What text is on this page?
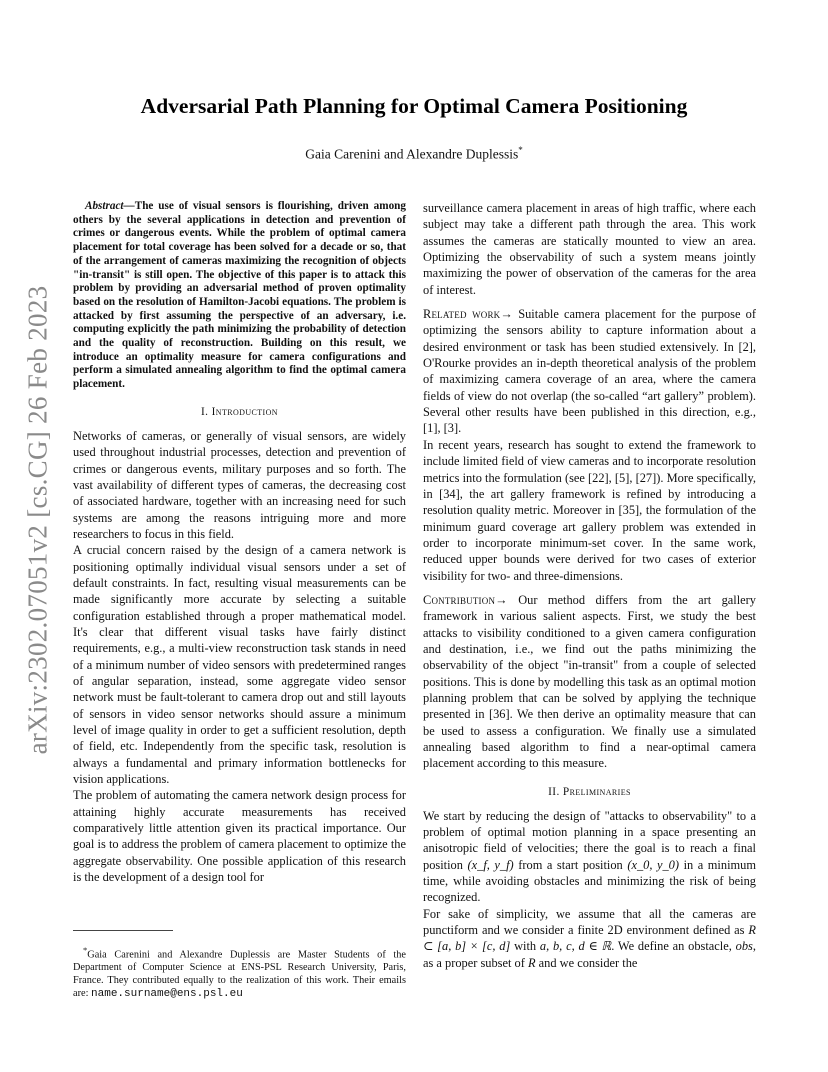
arXiv:2302.07051v2 [cs.CG] 26 Feb 2023
Adversarial Path Planning for Optimal Camera Positioning
Gaia Carenini and Alexandre Duplessis*

Abstract—The use of visual sensors is flourishing, driven among others by the several applications in detection and prevention of crimes or dangerous events. While the problem of optimal camera placement for total coverage has been solved for a decade or so, that of the arrangement of cameras maximizing the recognition of objects "in-transit" is still open. The objective of this paper is to attack this problem by providing an adversarial method of proven optimality based on the resolution of Hamilton-Jacobi equations. The problem is attacked by first assuming the perspective of an adversary, i.e. computing explicitly the path minimizing the probability of detection and the quality of reconstruction. Building on this result, we introduce an optimality measure for camera configurations and perform a simulated annealing algorithm to find the optimal camera placement.

I. Introduction

Networks of cameras, or generally of visual sensors, are widely used throughout industrial processes, detection and prevention of crimes or dangerous events, military purposes and so forth. The vast availability of different types of cameras, the decreasing cost of associated hardware, together with an increasing need for such systems are among the reasons intriguing more and more researchers to focus in this field.

A crucial concern raised by the design of a camera network is positioning optimally individual visual sensors under a set of default constraints. In fact, resulting visual measurements can be made significantly more accurate by selecting a suitable configuration established through a proper mathematical model. It's clear that different visual tasks have fairly distinct requirements, e.g., a multi-view reconstruction task stands in need of a minimum number of video sensors with predetermined ranges of angular separation, instead, some aggregate video sensor network must be fault-tolerant to camera drop out and still layouts of sensors in video sensor networks should assure a minimum level of image quality in order to get a sufficient resolution, depth of field, etc. Independently from the specific task, resolution is always a fundamental and primary information bottlenecks for vision applications.

The problem of automating the camera network design process for attaining highly accurate measurements has received comparatively little attention given its practical importance. Our goal is to address the problem of camera placement to optimize the aggregate observability. One possible application of this research is the development of a design tool for

*Gaia Carenini and Alexandre Duplessis are Master Students of the Department of Computer Science at ENS-PSL Research University, Paris, France. They contributed equally to the realization of this work. Their emails are: name.surname@ens.psl.eu

surveillance camera placement in areas of high traffic, where each subject may take a different path through the area. This work assumes the cameras are statically mounted to view an area. Optimizing the observability of such a system means jointly maximizing the power of observation of the cameras for the area of interest.

Related work→ Suitable camera placement for the purpose of optimizing the sensors ability to capture information about a desired environment or task has been studied extensively. In [2], O'Rourke provides an in-depth theoretical analysis of the problem of maximizing camera coverage of an area, where the camera fields of view do not overlap (the so-called “art gallery” problem). Several other results have been published in this direction, e.g., [1], [3].

In recent years, research has sought to extend the framework to include limited field of view cameras and to incorporate resolution metrics into the formulation (see [22], [5], [27]). More specifically, in [34], the art gallery framework is refined by introducing a resolution quality metric. Moreover in [35], the formulation of the minimum guard coverage art gallery problem was extended in order to incorporate minimum-set cover. In the same work, reduced upper bounds were derived for two cases of exterior visibility for two- and three-dimensions.

Contribution→ Our method differs from the art gallery framework in various salient aspects. First, we study the best attacks to visibility conditioned to a given camera configuration and destination, i.e., we find out the paths minimizing the observability of the object "in-transit" from a couple of selected positions. This is done by modelling this task as an optimal motion planning problem that can be solved by applying the technique presented in [36]. We then derive an optimality measure that can be used to assess a configuration. We finally use a simulated annealing based algorithm to find a near-optimal camera placement according to this measure.

II. Preliminaries

We start by reducing the design of "attacks to observability" to a problem of optimal motion planning in a space presenting an anisotropic field of velocities; there the goal is to reach a final position (x_f, y_f) from a start position (x_0, y_0) in a minimum time, while avoiding obstacles and minimizing the risk of being recognized.

For sake of simplicity, we assume that all the cameras are punctiform and we consider a finite 2D environment defined as R ⊂ [a, b] × [c, d] with a, b, c, d ∈ ℝ. We define an obstacle, obs, as a proper subset of R and we consider the
